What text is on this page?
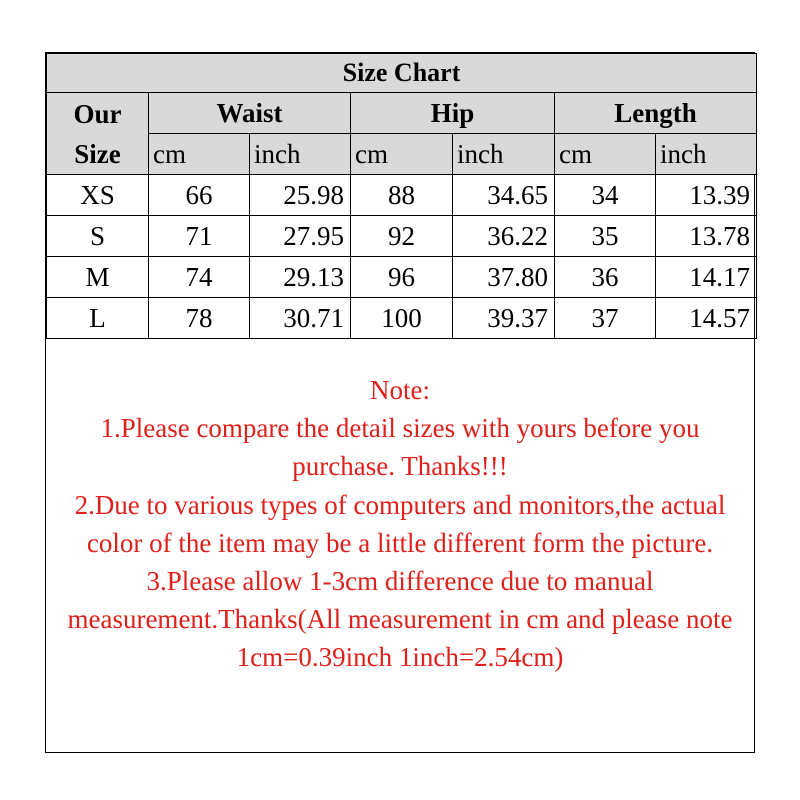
Size Chart						

Our
Size	Waist		Hip		Length	
	cm	inch	cm	inch	cm	inch
XS	66	25.98	88	34.65	34	13.39
S	71	27.95	92	36.22	35	13.78
M	74	29.13	96	37.80	36	14.17
L	78	30.71	100	39.37	37	14.57
Note:
1.Please compare the detail sizes with yours before you purchase. Thanks!!!
2.Due to various types of computers and monitors,the actual color of the item may be a little different form the picture.
3.Please allow 1-3cm difference due to manual measurement.Thanks(All measurement in cm and please note 1cm=0.39inch 1inch=2.54cm)
